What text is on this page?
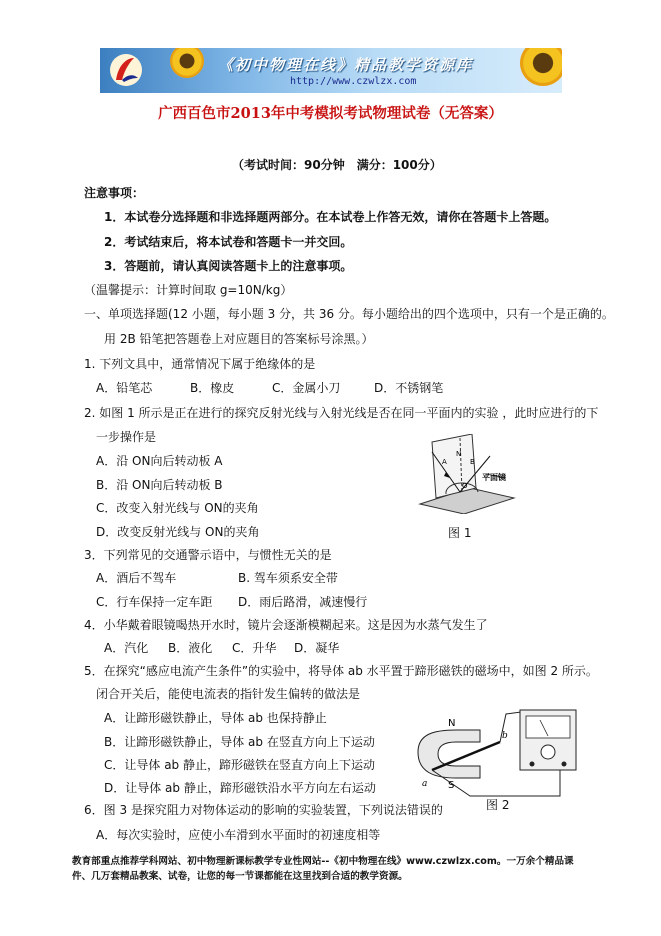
《初中物理在线》精品教学资源库
http://www.czwlzx.com
广西百色市2013年中考模拟考试物理试卷（无答案）
（考试时间：90分钟　满分：100分）
注意事项：
1．本试卷分选择题和非选择题两部分。在本试卷上作答无效，请你在答题卡上答题。
2．考试结束后，将本试卷和答题卡一并交回。
3．答题前，请认真阅读答题卡上的注意事项。
（温馨提示：计算时间取 g=10N/kg）
一、单项选择题(12 小题，每小题 3 分，共 36 分。每小题给出的四个选项中，只有一个是正确的。
用 2B 铅笔把答题卷上对应题目的答案标号涂黑。）
1. 下列文具中，通常情况下属于绝缘体的是
A．铅笔芯	B．橡皮	C．金属小刀	D．不锈钢笔
2. 如图 1 所示是正在进行的探究反射光线与入射光线是否在同一平面内的实验 ，此时应进行的下
一步操作是
A．沿 ON向后转动板 A
B．沿 ON向后转动板 B
C．改变入射光线与 ON的夹角
D．改变反射光线与 ON的夹角
N
A	B
O
平面镜
图 1
3．下列常见的交通警示语中，与惯性无关的是
A．酒后不驾车	B. 驾车须系安全带
C．行车保持一定车距 D．雨后路滑，减速慢行
4．小华戴着眼镜喝热开水时，镜片会逐渐模糊起来。这是因为水蒸气发生了
A．汽化 B．液化 C．升华 D．凝华
5．在探究“感应电流产生条件”的实验中，将导体 ab 水平置于蹄形磁铁的磁场中，如图 2 所示。
闭合开关后，能使电流表的指针发生偏转的做法是
A．让蹄形磁铁静止，导体 ab 也保持静止
B．让蹄形磁铁静止，导体 ab 在竖直方向上下运动
C．让导体 ab 静止，蹄形磁铁在竖直方向上下运动
D．让导体 ab 静止，蹄形磁铁沿水平方向左右运动
N
S
a
b
图 2
6．图 3 是探究阻力对物体运动的影响的实验装置，下列说法错误的
A．每次实验时，应使小车滑到水平面时的初速度相等
教育部重点推荐学科网站、初中物理新课标教学专业性网站--《初中物理在线》www.czwlzx.com。一万余个精品课
件、几万套精品教案、试卷，让您的每一节课都能在这里找到合适的教学资源。
